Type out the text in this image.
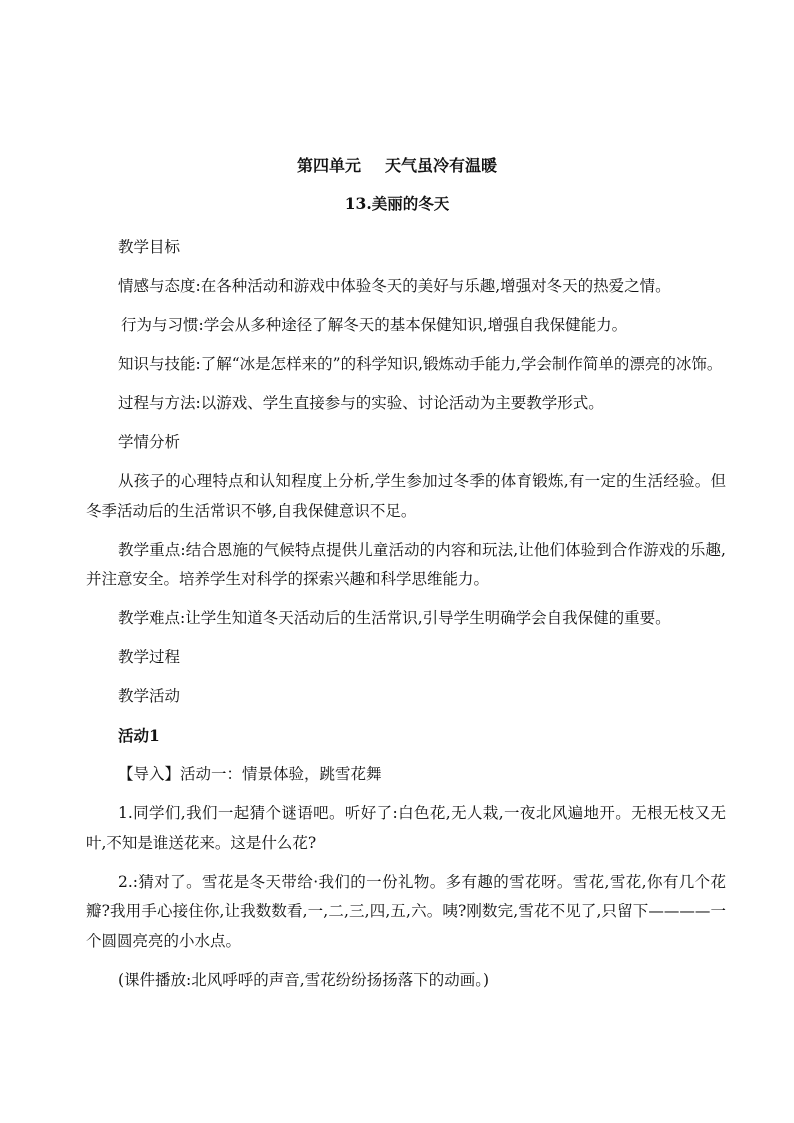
第四单元 天气虽冷有温暖
13.美丽的冬天

教学目标

情感与态度:在各种活动和游戏中体验冬天的美好与乐趣,增强对冬天的热爱之情。

行为与习惯:学会从多种途径了解冬天的基本保健知识,增强自我保健能力。

知识与技能:了解“冰是怎样来的”的科学知识,锻炼动手能力,学会制作简单的漂亮的冰饰。

过程与方法:以游戏、学生直接参与的实验、讨论活动为主要教学形式。

学情分析

从孩子的心理特点和认知程度上分析,学生参加过冬季的体育锻炼,有一定的生活经验。但冬季活动后的生活常识不够,自我保健意识不足。

教学重点:结合恩施的气候特点提供儿童活动的内容和玩法,让他们体验到合作游戏的乐趣,并注意安全。培养学生对科学的探索兴趣和科学思维能力。

教学难点:让学生知道冬天活动后的生活常识,引导学生明确学会自我保健的重要。

教学过程

教学活动

活动1

【导入】活动一：情景体验，跳雪花舞

1.同学们,我们一起猜个谜语吧。听好了:白色花,无人栽,一夜北风遍地开。无根无枝又无叶,不知是谁送花来。这是什么花?

2.:猜对了。雪花是冬天带给·我们的一份礼物。多有趣的雪花呀。雪花,雪花,你有几个花瓣?我用手心接住你,让我数数看,一,二,三,四,五,六。咦?刚数完,雪花不见了,只留下————一个圆圆亮亮的小水点。

(课件播放:北风呼呼的声音,雪花纷纷扬扬落下的动画。)
